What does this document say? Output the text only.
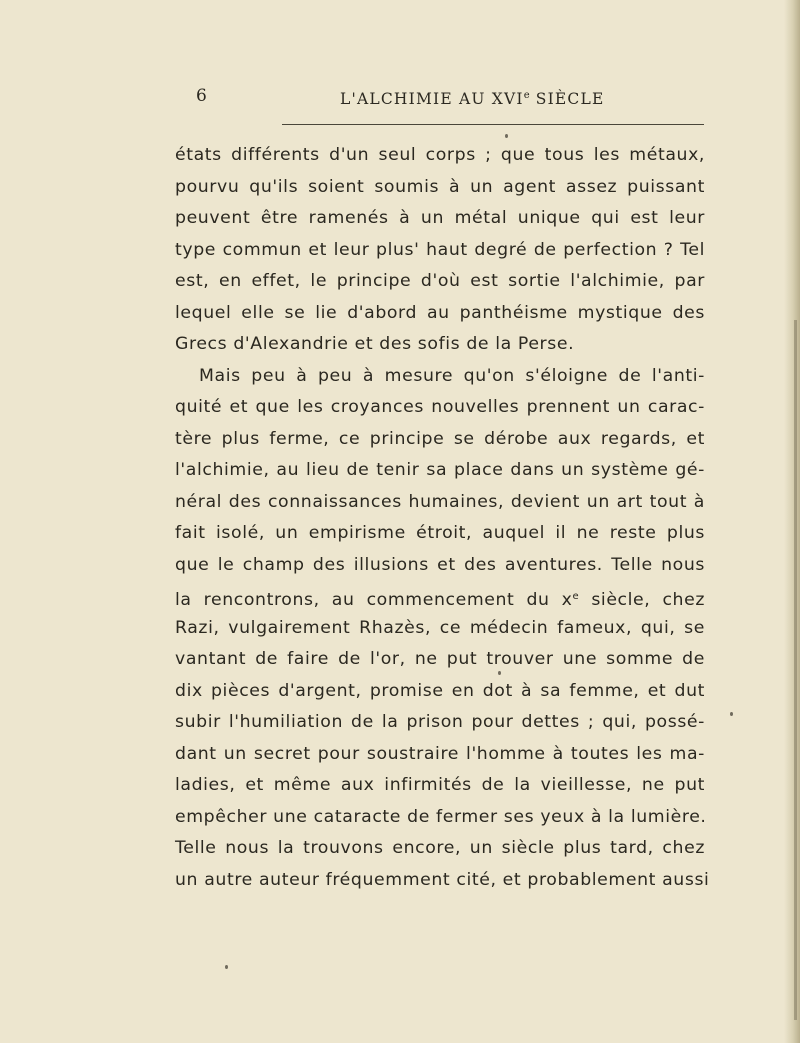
6	L'ALCHIMIE AU XVIe SIÈCLE
états différents d'un seul corps ; que tous les métaux,
pourvu qu'ils soient soumis à un agent assez puissant
peuvent être ramenés à un métal unique qui est leur
type commun et leur plus' haut degré de perfection ? Tel
est, en effet, le principe d'où est sortie l'alchimie, par
lequel elle se lie d'abord au panthéisme mystique des
Grecs d'Alexandrie et des sofis de la Perse.
Mais peu à peu à mesure qu'on s'éloigne de l'anti-
quité et que les croyances nouvelles prennent un carac-
tère plus ferme, ce principe se dérobe aux regards, et
l'alchimie, au lieu de tenir sa place dans un système gé-
néral des connaissances humaines, devient un art tout à
fait isolé, un empirisme étroit, auquel il ne reste plus
que le champ des illusions et des aventures. Telle nous
la rencontrons, au commencement du $x^e$ siècle, chez
Razi, vulgairement Rhazès, ce médecin fameux, qui, se
vantant de faire de l'or, ne put trouver une somme de
dix pièces d'argent, promise en dot à sa femme, et dut
subir l'humiliation de la prison pour dettes ; qui, possé-
dant un secret pour soustraire l'homme à toutes les ma-
ladies, et même aux infirmités de la vieillesse, ne put
empêcher une cataracte de fermer ses yeux à la lumière.
Telle nous la trouvons encore, un siècle plus tard, chez
un autre auteur fréquemment cité, et probablement aussi
